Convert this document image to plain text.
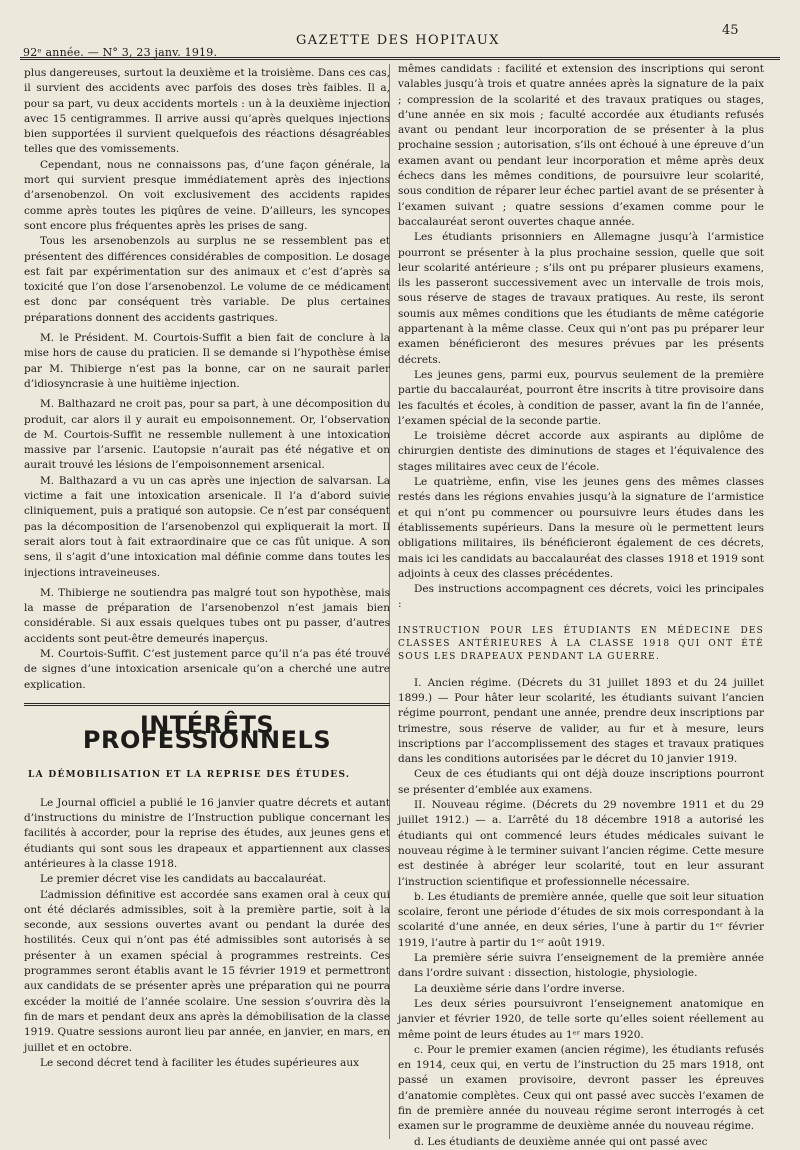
92ᵉ année. — N° 3, 23 janv. 1919.
GAZETTE DES HOPITAUX
45

plus dangereuses, surtout la deuxième et la troisième. Dans ces cas, il survient des accidents avec parfois des doses très faibles. Il a, pour sa part, vu deux accidents mortels : un à la deuxième injection avec 15 centigrammes. Il arrive aussi qu’après quelques injections bien supportées il survient quelquefois des réactions désagréables telles que des vomissements.

Cependant, nous ne connaissons pas, d’une façon générale, la mort qui survient presque immédiatement après des injections d’arsenobenzol. On voit exclusivement des accidents rapides comme après toutes les piqûres de veine. D’ailleurs, les syncopes sont encore plus fréquentes après les prises de sang.

Tous les arsenobenzols au surplus ne se ressemblent pas et présentent des différences considérables de composition. Le dosage est fait par expérimentation sur des animaux et c’est d’après sa toxicité que l’on dose l’arsenobenzol. Le volume de ce médicament est donc par conséquent très variable. De plus certaines préparations donnent des accidents gastriques.

M. le Président. M. Courtois-Suffit a bien fait de conclure à la mise hors de cause du praticien. Il se demande si l’hypothèse émise par M. Thibierge n’est pas la bonne, car on ne saurait parler d’idiosyncrasie à une huitième injection.

M. Balthazard ne croit pas, pour sa part, à une décomposition du produit, car alors il y aurait eu empoisonnement. Or, l’observation de M. Courtois-Suffit ne ressemble nullement à une intoxication massive par l’arsenic. L’autopsie n’aurait pas été négative et on aurait trouvé les lésions de l’empoisonnement arsenical.

M. Balthazard a vu un cas après une injection de salvarsan. La victime a fait une intoxication arsenicale. Il l’a d’abord suivie cliniquement, puis a pratiqué son autopsie. Ce n’est par conséquent pas la décomposition de l’arsenobenzol qui expliquerait la mort. Il serait alors tout à fait extraordinaire que ce cas fût unique. A son sens, il s’agit d’une intoxication mal définie comme dans toutes les injections intraveineuses.

M. Thibierge ne soutiendra pas malgré tout son hypothèse, mais la masse de préparation de l’arsenobenzol n’est jamais bien considérable. Si aux essais quelques tubes ont pu passer, d’autres accidents sont peut-être demeurés inaperçus.

M. Courtois-Suffit. C’est justement parce qu’il n’a pas été trouvé de signes d’une intoxication arsenicale qu’on a cherché une autre explication.

INTÉRÊTS PROFESSIONNELS
LA DÉMOBILISATION ET LA REPRISE DES ÉTUDES.

Le Journal officiel a publié le 16 janvier quatre décrets et autant d’instructions du ministre de l’Instruction publique concernant les facilités à accorder, pour la reprise des études, aux jeunes gens et étudiants qui sont sous les drapeaux et appartiennent aux classes antérieures à la classe 1918.

Le premier décret vise les candidats au baccalauréat.

L’admission définitive est accordée sans examen oral à ceux qui ont été déclarés admissibles, soit à la première partie, soit à la seconde, aux sessions ouvertes avant ou pendant la durée des hostilités. Ceux qui n’ont pas été admissibles sont autorisés à se présenter à un examen spécial à programmes restreints. Ces programmes seront établis avant le 15 février 1919 et permettront aux candidats de se présenter après une préparation qui ne pourra excéder la moitié de l’année scolaire. Une session s’ouvrira dès la fin de mars et pendant deux ans après la démobilisation de la classe 1919. Quatre sessions auront lieu par année, en janvier, en mars, en juillet et en octobre.

Le second décret tend à faciliter les études supérieures aux

mêmes candidats : facilité et extension des inscriptions qui seront valables jusqu’à trois et quatre années après la signature de la paix ; compression de la scolarité et des travaux pratiques ou stages, d’une année en six mois ; faculté accordée aux étudiants refusés avant ou pendant leur incorporation de se présenter à la plus prochaine session ; autorisation, s’ils ont échoué à une épreuve d’un examen avant ou pendant leur incorporation et même après deux échecs dans les mêmes conditions, de poursuivre leur scolarité, sous condition de réparer leur échec partiel avant de se présenter à l’examen suivant ; quatre sessions d’examen comme pour le baccalauréat seront ouvertes chaque année.

Les étudiants prisonniers en Allemagne jusqu’à l’armistice pourront se présenter à la plus prochaine session, quelle que soit leur scolarité antérieure ; s’ils ont pu préparer plusieurs examens, ils les passeront successivement avec un intervalle de trois mois, sous réserve de stages de travaux pratiques. Au reste, ils seront soumis aux mêmes conditions que les étudiants de même catégorie appartenant à la même classe. Ceux qui n’ont pas pu préparer leur examen bénéficieront des mesures prévues par les présents décrets.

Les jeunes gens, parmi eux, pourvus seulement de la première partie du baccalauréat, pourront être inscrits à titre provisoire dans les facultés et écoles, à condition de passer, avant la fin de l’année, l’examen spécial de la seconde partie.

Le troisième décret accorde aux aspirants au diplôme de chirurgien dentiste des diminutions de stages et l’équivalence des stages militaires avec ceux de l’école.

Le quatrième, enfin, vise les jeunes gens des mêmes classes restés dans les régions envahies jusqu’à la signature de l’armistice et qui n’ont pu commencer ou poursuivre leurs études dans les établissements supérieurs. Dans la mesure où le permettent leurs obligations militaires, ils bénéficieront également de ces décrets, mais ici les candidats au baccalauréat des classes 1918 et 1919 sont adjoints à ceux des classes précédentes.

Des instructions accompagnent ces décrets, voici les principales :

INSTRUCTION POUR LES ÉTUDIANTS EN MÉDECINE DES CLASSES ANTÉRIEURES À LA CLASSE 1918 QUI ONT ÉTÉ SOUS LES DRAPEAUX PENDANT LA GUERRE.

I. Ancien régime. (Décrets du 31 juillet 1893 et du 24 juillet 1899.) — Pour hâter leur scolarité, les étudiants suivant l’ancien régime pourront, pendant une année, prendre deux inscriptions par trimestre, sous réserve de valider, au fur et à mesure, leurs inscriptions par l’accomplissement des stages et travaux pratiques dans les conditions autorisées par le décret du 10 janvier 1919.

Ceux de ces étudiants qui ont déjà douze inscriptions pourront se présenter d’emblée aux examens.

II. Nouveau régime. (Décrets du 29 novembre 1911 et du 29 juillet 1912.) — a. L’arrêté du 18 décembre 1918 a autorisé les étudiants qui ont commencé leurs études médicales suivant le nouveau régime à le terminer suivant l’ancien régime. Cette mesure est destinée à abréger leur scolarité, tout en leur assurant l’instruction scientifique et professionnelle nécessaire.

b. Les étudiants de première année, quelle que soit leur situation scolaire, feront une période d’études de six mois correspondant à la scolarité d’une année, en deux séries, l’une à partir du 1ᵉʳ février 1919, l’autre à partir du 1ᵉʳ août 1919.

La première série suivra l’enseignement de la première année dans l’ordre suivant : dissection, histologie, physiologie.

La deuxième série dans l’ordre inverse.

Les deux séries poursuivront l’enseignement anatomique en janvier et février 1920, de telle sorte qu’elles soient réellement au même point de leurs études au 1ᵉʳ mars 1920.

c. Pour le premier examen (ancien régime), les étudiants refusés en 1914, ceux qui, en vertu de l’instruction du 25 mars 1918, ont passé un examen provisoire, devront passer les épreuves d’anatomie complètes. Ceux qui ont passé avec succès l’examen de fin de première année du nouveau régime seront interrogés à cet examen sur le programme de deuxième année du nouveau régime.

d. Les étudiants de deuxième année qui ont passé avec
